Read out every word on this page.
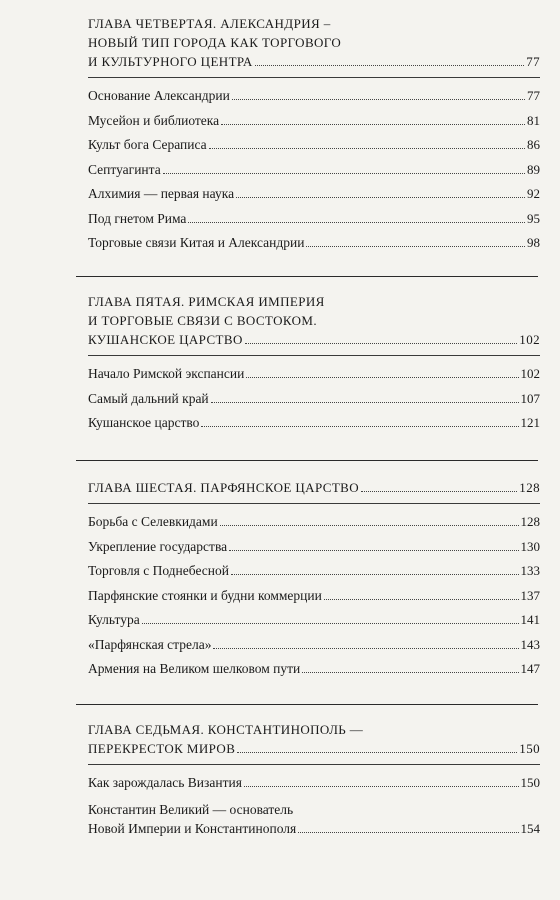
ГЛАВА ЧЕТВЕРТАЯ. АЛЕКСАНДРИЯ –
НОВЫЙ ТИП ГОРОДА КАК ТОРГОВОГО
И КУЛЬТУРНОГО ЦЕНТРА	77
Основание Александрии	77
Мусейон и библиотека	81
Культ бога Сераписа	86
Септуагинта	89
Алхимия — первая наука	92
Под гнетом Рима	95
Торговые связи Китая и Александрии	98
ГЛАВА ПЯТАЯ. РИМСКАЯ ИМПЕРИЯ
И ТОРГОВЫЕ СВЯЗИ С ВОСТОКОМ.
КУШАНСКОЕ ЦАРСТВО	102
Начало Римской экспансии	102
Самый дальний край	107
Кушанское царство	121
ГЛАВА ШЕСТАЯ. ПАРФЯНСКОЕ ЦАРСТВО	128
Борьба с Селевкидами	128
Укрепление государства	130
Торговля с Поднебесной	133
Парфянские стоянки и будни коммерции	137
Культура	141
«Парфянская стрела»	143
Армения на Великом шелковом пути	147
ГЛАВА СЕДЬМАЯ. КОНСТАНТИНОПОЛЬ —
ПЕРЕКРЕСТОК МИРОВ	150
Как зарождалась Византия	150
Константин Великий — основатель
Новой Империи и Константинополя	154
